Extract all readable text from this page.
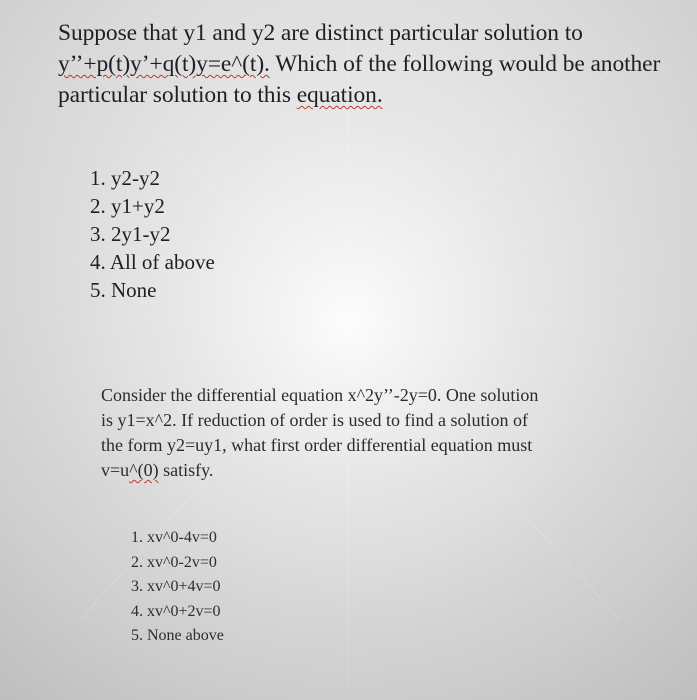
Suppose that y1 and y2 are distinct particular solution to
y’’+p(t)y’+q(t)y=e^(t). Which of the following would be another
particular solution to this equation.
1. y2-y2
2. y1+y2
3. 2y1-y2
4. All of above
5. None
Consider the differential equation x^2y’’-2y=0. One solution
is y1=x^2. If reduction of order is used to find a solution of
the form y2=uy1, what first order differential equation must
v=u^(0) satisfy.
1. xv^0-4v=0
2. xv^0-2v=0
3. xv^0+4v=0
4. xv^0+2v=0
5. None above
